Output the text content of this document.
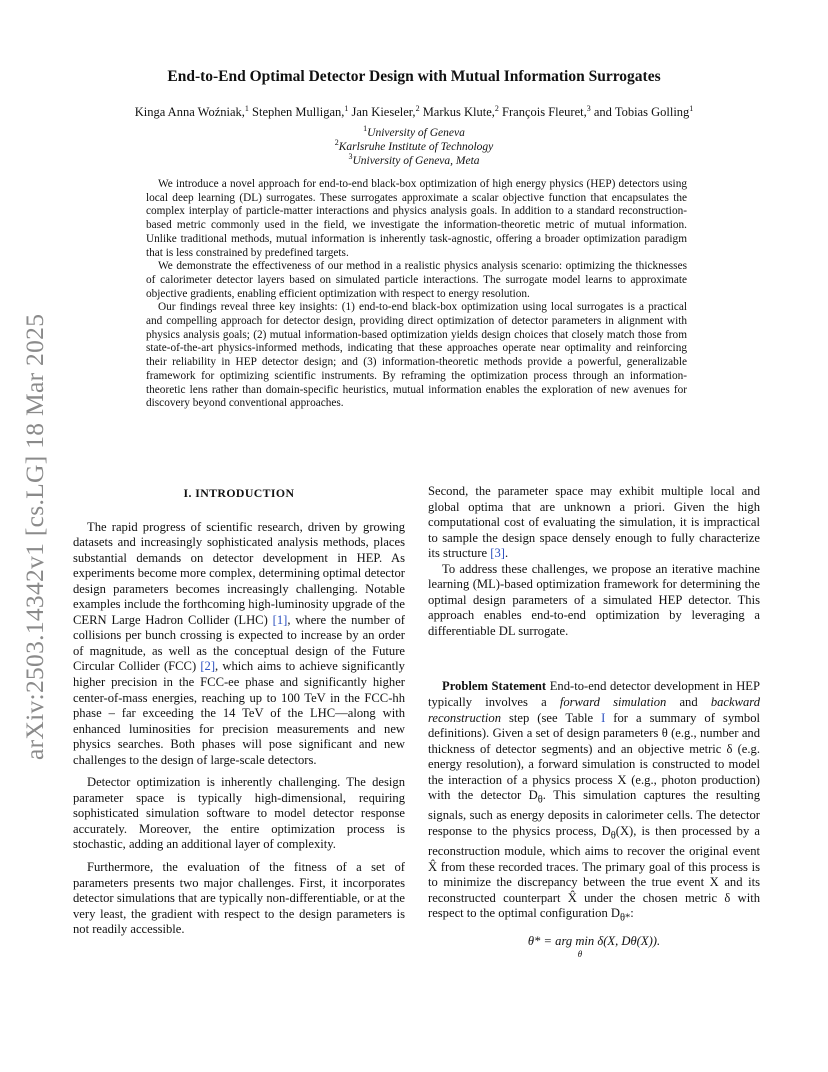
arXiv:2503.14342v1 [cs.LG] 18 Mar 2025
End-to-End Optimal Detector Design with Mutual Information Surrogates
Kinga Anna Woźniak,$^1$ Stephen Mulligan,$^1$ Jan Kieseler,$^2$ Markus Klute,$^2$ François Fleuret,$^3$ and Tobias Golling$^1$
$^1$University of Geneva
$^2$Karlsruhe Institute of Technology
$^3$University of Geneva, Meta

We introduce a novel approach for end-to-end black-box optimization of high energy physics (HEP) detectors using local deep learning (DL) surrogates. These surrogates approximate a scalar objective function that encapsulates the complex interplay of particle-matter interactions and physics analysis goals. In addition to a standard reconstruction-based metric commonly used in the field, we investigate the information-theoretic metric of mutual information. Unlike traditional methods, mutual information is inherently task-agnostic, offering a broader optimization paradigm that is less constrained by predefined targets.

We demonstrate the effectiveness of our method in a realistic physics analysis scenario: optimizing the thicknesses of calorimeter detector layers based on simulated particle interactions. The surrogate model learns to approximate objective gradients, enabling efficient optimization with respect to energy resolution.

Our findings reveal three key insights: (1) end-to-end black-box optimization using local surrogates is a practical and compelling approach for detector design, providing direct optimization of detector parameters in alignment with physics analysis goals; (2) mutual information-based optimization yields design choices that closely match those from state-of-the-art physics-informed methods, indicating that these approaches operate near optimality and reinforcing their reliability in HEP detector design; and (3) information-theoretic methods provide a powerful, generalizable framework for optimizing scientific instruments. By reframing the optimization process through an information-theoretic lens rather than domain-specific heuristics, mutual information enables the exploration of new avenues for discovery beyond conventional approaches.

I. INTRODUCTION

The rapid progress of scientific research, driven by growing datasets and increasingly sophisticated analysis methods, places substantial demands on detector development in HEP. As experiments become more complex, determining optimal detector design parameters becomes increasingly challenging. Notable examples include the forthcoming high-luminosity upgrade of the CERN Large Hadron Collider (LHC) [1], where the number of collisions per bunch crossing is expected to increase by an order of magnitude, as well as the conceptual design of the Future Circular Collider (FCC) [2], which aims to achieve significantly higher precision in the FCC-ee phase and significantly higher center-of-mass energies, reaching up to 100 TeV in the FCC-hh phase – far exceeding the 14 TeV of the LHC—along with enhanced luminosities for precision measurements and new physics searches. Both phases will pose significant and new challenges to the design of large-scale detectors.

Detector optimization is inherently challenging. The design parameter space is typically high-dimensional, requiring sophisticated simulation software to model detector response accurately. Moreover, the entire optimization process is stochastic, adding an additional layer of complexity.

Furthermore, the evaluation of the fitness of a set of parameters presents two major challenges. First, it incorporates detector simulations that are typically non-differentiable, or at the very least, the gradient with respect to the design parameters is not readily accessible.

Second, the parameter space may exhibit multiple local and global optima that are unknown a priori. Given the high computational cost of evaluating the simulation, it is impractical to sample the design space densely enough to fully characterize its structure [3].

To address these challenges, we propose an iterative machine learning (ML)-based optimization framework for determining the optimal design parameters of a simulated HEP detector. This approach enables end-to-end optimization by leveraging a differentiable DL surrogate.

Problem Statement End-to-end detector development in HEP typically involves a forward simulation and backward reconstruction step (see Table I for a summary of symbol definitions). Given a set of design parameters θ (e.g., number and thickness of detector segments) and an objective metric δ (e.g. energy resolution), a forward simulation is constructed to model the interaction of a physics process X (e.g., photon production) with the detector $D_\theta$. This simulation captures the resulting signals, such as energy deposits in calorimeter cells. The detector response to the physics process, $D_\theta(X)$, is then processed by a reconstruction module, which aims to recover the original event X̂ from these recorded traces. The primary goal of this process is to minimize the discrepancy between the true event X and its reconstructed counterpart X̂ under the chosen metric δ with respect to the optimal configuration $D_{\theta*}$:

θ* = arg min δ(X, Dθ(X)).
θ
